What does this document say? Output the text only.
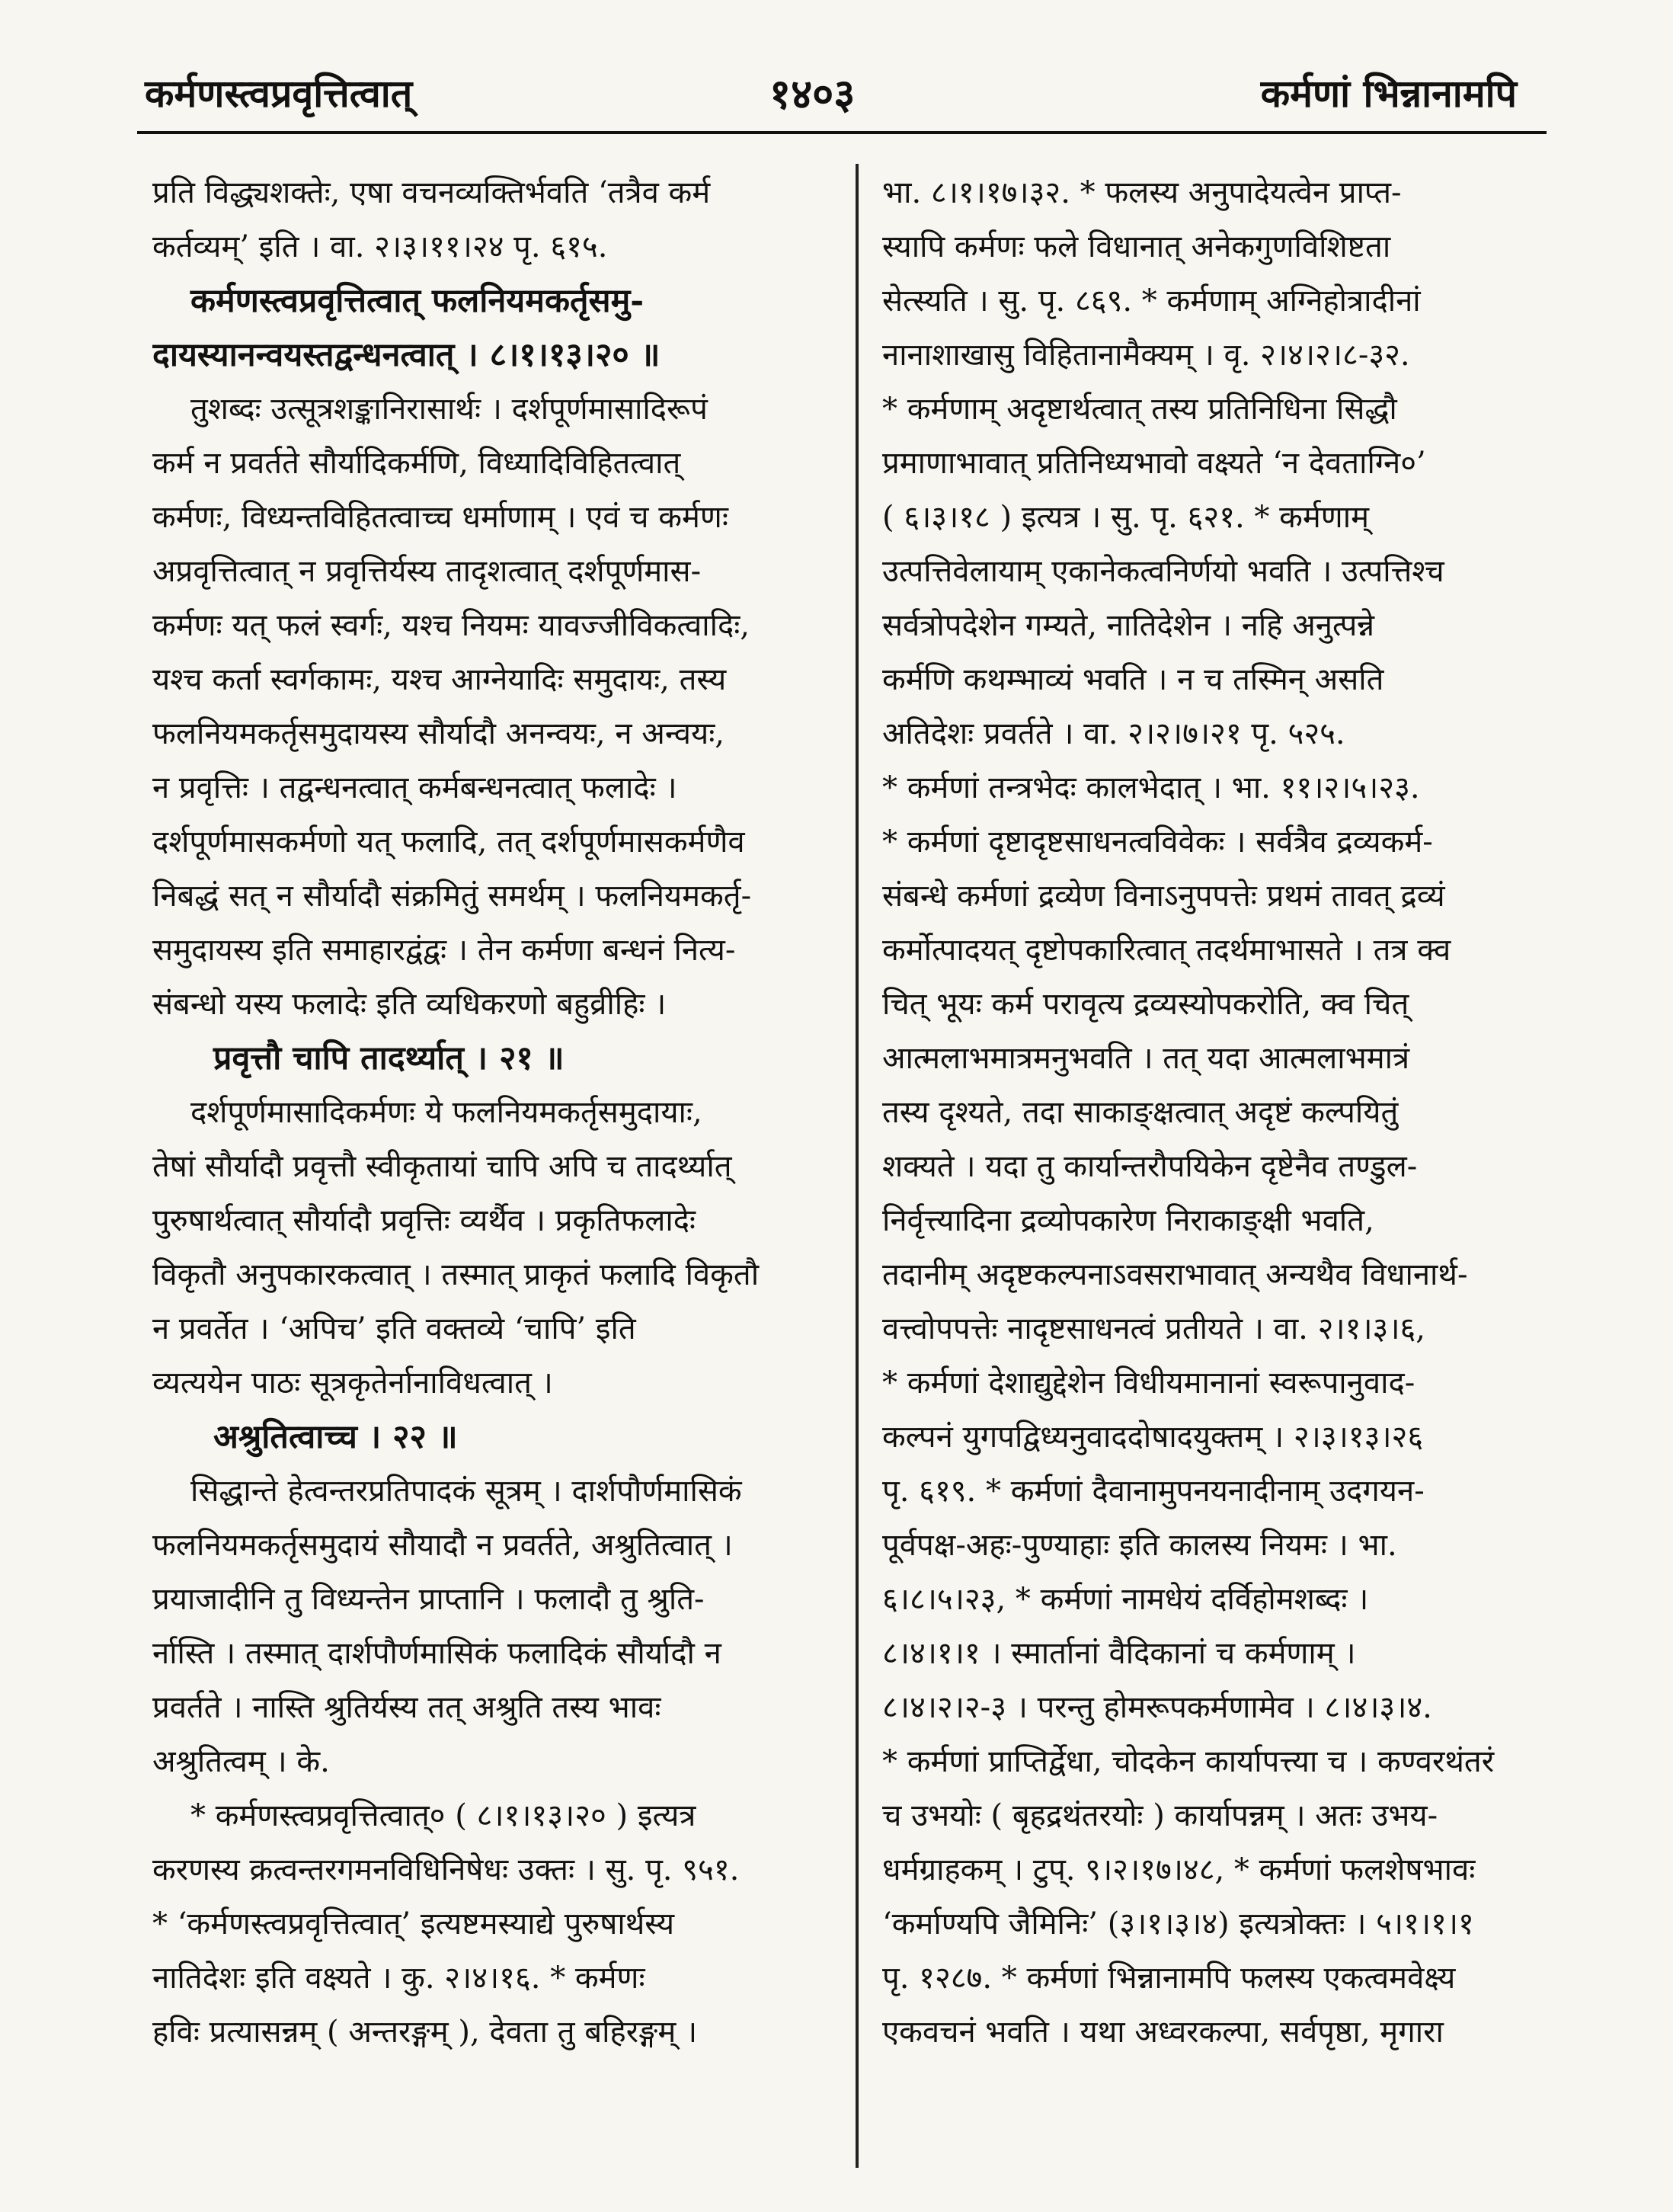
कर्मणस्त्वप्रवृत्तित्वात्	१४०३	कर्मणां भिन्नानामपि
प्रति विद्ध्यशक्तेः, एषा वचनव्यक्तिर्भवति ‘तत्रैव कर्म
कर्तव्यम्’ इति । वा. २।३।११।२४ पृ. ६१५.
कर्मणस्त्वप्रवृत्तित्वात् फलनियमकर्तृसमु-
दायस्यानन्वयस्तद्वन्धनत्वात् । ८।१।१३।२० ॥
तुशब्दः उत्सूत्रशङ्कानिरासार्थः । दर्शपूर्णमासादिरूपं
कर्म न प्रवर्तते सौर्यादिकर्मणि, विध्यादिविहितत्वात्
कर्मणः, विध्यन्तविहितत्वाच्च धर्माणाम् । एवं च कर्मणः
अप्रवृत्तित्वात् न प्रवृत्तिर्यस्य तादृशत्वात् दर्शपूर्णमास-
कर्मणः यत् फलं स्वर्गः, यश्च नियमः यावज्जीविकत्वादिः,
यश्च कर्ता स्वर्गकामः, यश्च आग्नेयादिः समुदायः, तस्य
फलनियमकर्तृसमुदायस्य सौर्यादौ अनन्वयः, न अन्वयः,
न प्रवृत्तिः । तद्वन्धनत्वात् कर्मबन्धनत्वात् फलादेः ।
दर्शपूर्णमासकर्मणो यत् फलादि, तत् दर्शपूर्णमासकर्मणैव
निबद्धं सत् न सौर्यादौ संक्रमितुं समर्थम् । फलनियमकर्तृ-
समुदायस्य इति समाहारद्वंद्वः । तेन कर्मणा बन्धनं नित्य-
संबन्धो यस्य फलादेः इति व्यधिकरणो बहुव्रीहिः ।
प्रवृत्तौ चापि तादर्थ्यात् । २१ ॥
दर्शपूर्णमासादिकर्मणः ये फलनियमकर्तृसमुदायाः,
तेषां सौर्यादौ प्रवृत्तौ स्वीकृतायां चापि अपि च तादर्थ्यात्
पुरुषार्थत्वात् सौर्यादौ प्रवृत्तिः व्यर्थैव । प्रकृतिफलादेः
विकृतौ अनुपकारकत्वात् । तस्मात् प्राकृतं फलादि विकृतौ
न प्रवर्तेत । ‘अपिच’ इति वक्तव्ये ‘चापि’ इति
व्यत्ययेन पाठः सूत्रकृतेर्नानाविधत्वात् ।
अश्रुतित्वाच्च । २२ ॥
सिद्धान्ते हेत्वन्तरप्रतिपादकं सूत्रम् । दार्शपौर्णमासिकं
फलनियमकर्तृसमुदायं सौयादौ न प्रवर्तते, अश्रुतित्वात् ।
प्रयाजादीनि तु विध्यन्तेन प्राप्तानि । फलादौ तु श्रुति-
र्नास्ति । तस्मात् दार्शपौर्णमासिकं फलादिकं सौर्यादौ न
प्रवर्तते । नास्ति श्रुतिर्यस्य तत् अश्रुति तस्य भावः
अश्रुतित्वम् । के.
* कर्मणस्त्वप्रवृत्तित्वात्० ( ८।१।१३।२० ) इत्यत्र
करणस्य क्रत्वन्तरगमनविधिनिषेधः उक्तः । सु. पृ. ९५१.
* ‘कर्मणस्त्वप्रवृत्तित्वात्’ इत्यष्टमस्याद्ये पुरुषार्थस्य
नातिदेशः इति वक्ष्यते । कु. २।४।१६. * कर्मणः
हविः प्रत्यासन्नम् ( अन्तरङ्गम् ), देवता तु बहिरङ्गम् ।
भा. ८।१।१७।३२. * फलस्य अनुपादेयत्वेन प्राप्त-
स्यापि कर्मणः फले विधानात् अनेकगुणविशिष्टता
सेत्स्यति । सु. पृ. ८६९. * कर्मणाम् अग्निहोत्रादीनां
नानाशाखासु विहितानामैक्यम् । वृ. २।४।२।८-३२.
* कर्मणाम् अदृष्टार्थत्वात् तस्य प्रतिनिधिना सिद्धौ
प्रमाणाभावात् प्रतिनिध्यभावो वक्ष्यते ‘न देवताग्नि०’
( ६।३।१८ ) इत्यत्र । सु. पृ. ६२१. * कर्मणाम्
उत्पत्तिवेलायाम् एकानेकत्वनिर्णयो भवति । उत्पत्तिश्च
सर्वत्रोपदेशेन गम्यते, नातिदेशेन । नहि अनुत्पन्ने
कर्मणि कथम्भाव्यं भवति । न च तस्मिन् असति
अतिदेशः प्रवर्तते । वा. २।२।७।२१ पृ. ५२५.
* कर्मणां तन्त्रभेदः कालभेदात् । भा. ११।२।५।२३.
* कर्मणां दृष्टादृष्टसाधनत्वविवेकः । सर्वत्रैव द्रव्यकर्म-
संबन्धे कर्मणां द्रव्येण विनाऽनुपपत्तेः प्रथमं तावत् द्रव्यं
कर्मोत्पादयत् दृष्टोपकारित्वात् तदर्थमाभासते । तत्र क्व
चित् भूयः कर्म परावृत्य द्रव्यस्योपकरोति, क्व चित्
आत्मलाभमात्रमनुभवति । तत् यदा आत्मलाभमात्रं
तस्य दृश्यते, तदा साकाङ्क्षत्वात् अदृष्टं कल्पयितुं
शक्यते । यदा तु कार्यान्तरौपयिकेन दृष्टेनैव तण्डुल-
निर्वृत्त्यादिना द्रव्योपकारेण निराकाङ्क्षी भवति,
तदानीम् अदृष्टकल्पनाऽवसराभावात् अन्यथैव विधानार्थ-
वत्त्वोपपत्तेः नादृष्टसाधनत्वं प्रतीयते । वा. २।१।३।६,
* कर्मणां देशाद्युद्देशेन विधीयमानानां स्वरूपानुवाद-
कल्पनं युगपद्विध्यनुवाददोषादयुक्तम् । २।३।१३।२६
पृ. ६१९. * कर्मणां दैवानामुपनयनादीनाम् उदगयन-
पूर्वपक्ष-अहः-पुण्याहाः इति कालस्य नियमः । भा.
६।८।५।२३, * कर्मणां नामधेयं दर्विहोमशब्दः ।
८।४।१।१ । स्मार्तानां वैदिकानां च कर्मणाम् ।
८।४।२।२-३ । परन्तु होमरूपकर्मणामेव । ८।४।३।४.
* कर्मणां प्राप्तिर्द्वेधा, चोदकेन कार्यापत्त्या च । कण्वरथंतरं
च उभयोः ( बृहद्रथंतरयोः ) कार्यापन्नम् । अतः उभय-
धर्मग्राहकम् । टुप्. ९।२।१७।४८, * कर्मणां फलशेषभावः
‘कर्माण्यपि जैमिनिः’ (३।१।३।४) इत्यत्रोक्तः । ५।१।१।१
पृ. १२८७. * कर्मणां भिन्नानामपि फलस्य एकत्वमवेक्ष्य
एकवचनं भवति । यथा अध्वरकल्पा, सर्वपृष्ठा, मृगारा
